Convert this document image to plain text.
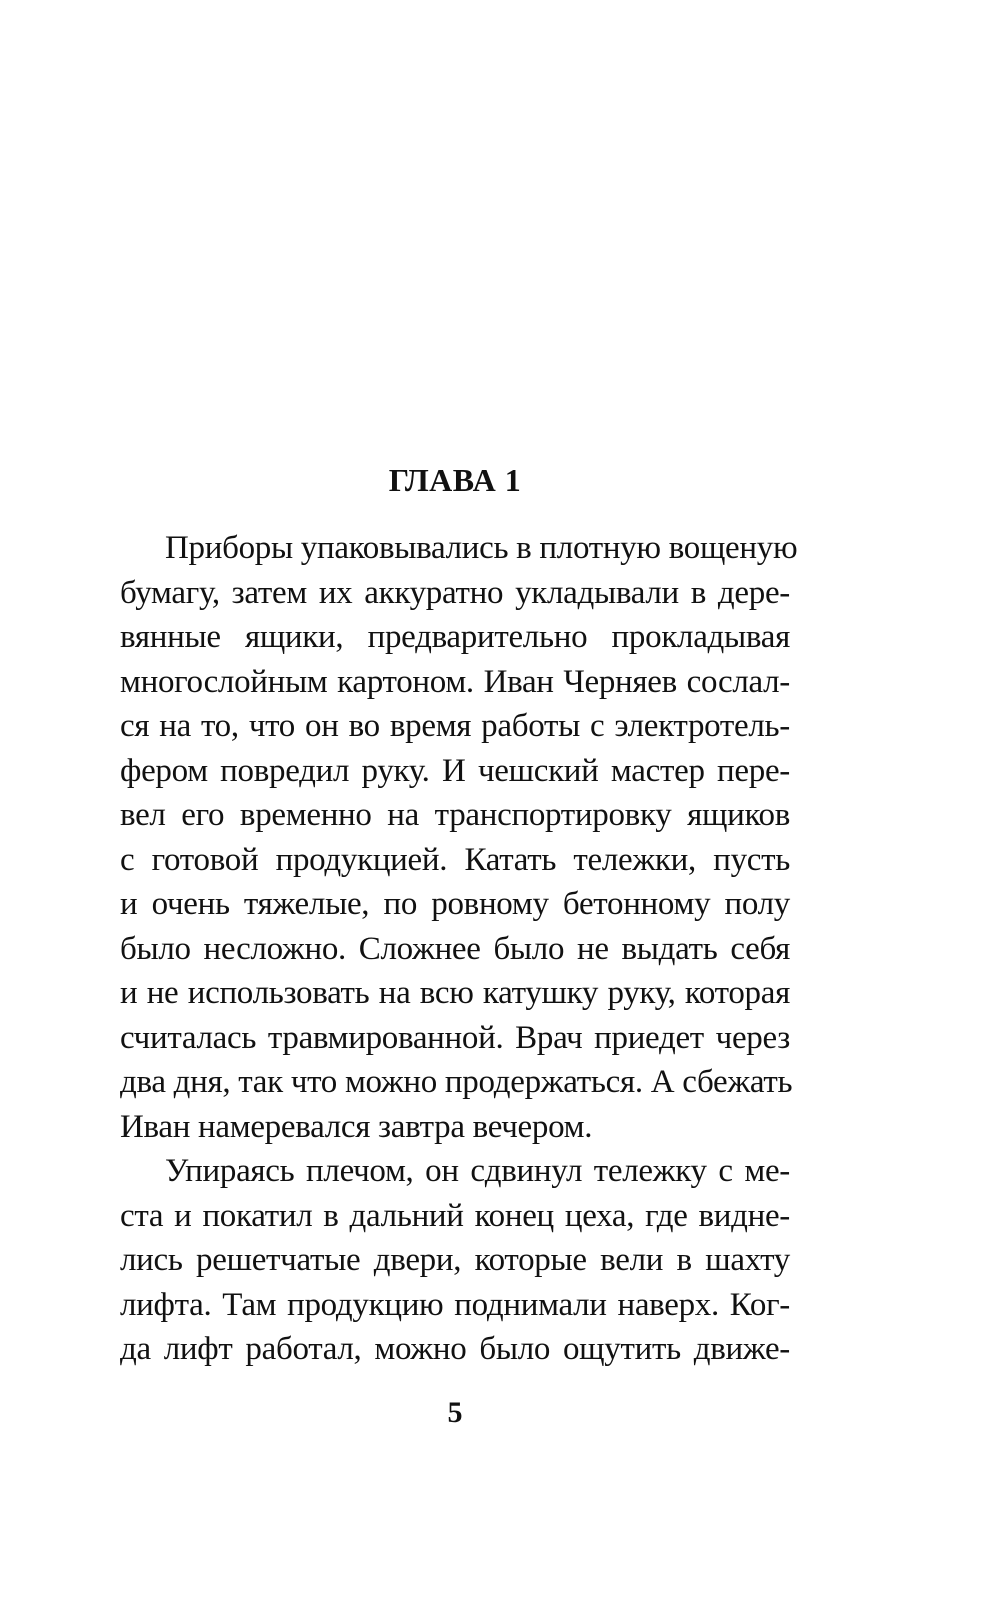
ГЛАВА 1
Приборы упаковывались в плотную вощеную
бумагу, затем их аккуратно укладывали в дере-
вянные ящики, предварительно прокладывая
многослойным картоном. Иван Черняев сослал-
ся на то, что он во время работы с электротель-
фером повредил руку. И чешский мастер пере-
вел его временно на транспортировку ящиков
с готовой продукцией. Катать тележки, пусть
и очень тяжелые, по ровному бетонному полу
было несложно. Сложнее было не выдать себя
и не использовать на всю катушку руку, которая
считалась травмированной. Врач приедет через
два дня, так что можно продержаться. А сбежать
Иван намеревался завтра вечером.
Упираясь плечом, он сдвинул тележку с ме-
ста и покатил в дальний конец цеха, где видне-
лись решетчатые двери, которые вели в шахту
лифта. Там продукцию поднимали наверх. Ког-
да лифт работал, можно было ощутить движе-
5
